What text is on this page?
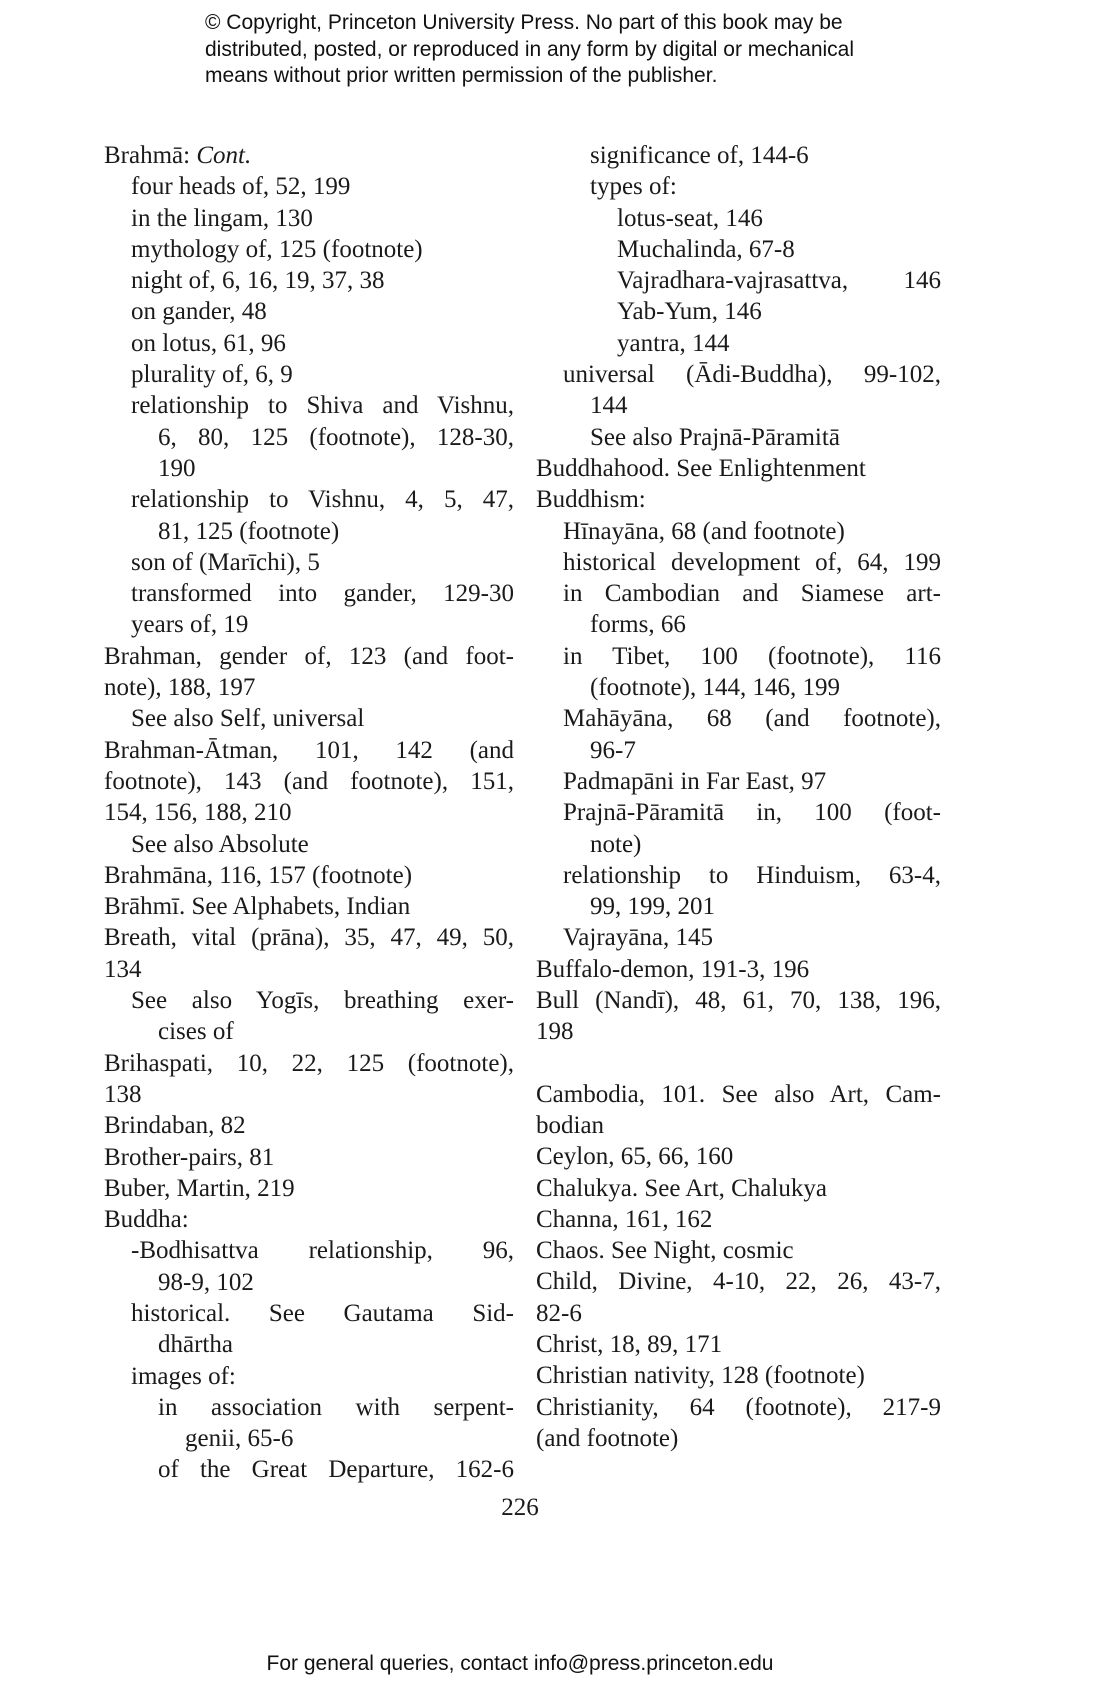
© Copyright, Princeton University Press. No part of this book may be
distributed, posted, or reproduced in any form by digital or mechanical
means without prior written permission of the publisher.
Brahmā: Cont.
four heads of, 52, 199
in the lingam, 130
mythology of, 125 (footnote)
night of, 6, 16, 19, 37, 38
on gander, 48
on lotus, 61, 96
plurality of, 6, 9
relationship to Shiva and Vishnu,
6, 80, 125 (footnote), 128-30,
190
relationship to Vishnu, 4, 5, 47,
81, 125 (footnote)
son of (Marīchi), 5
transformed into gander, 129-30
years of, 19
Brahman, gender of, 123 (and foot-
note), 188, 197
See also Self, universal
Brahman-Ātman, 101, 142 (and
footnote), 143 (and footnote), 151,
154, 156, 188, 210
See also Absolute
Brahmāna, 116, 157 (footnote)
Brāhmī. See Alphabets, Indian
Breath, vital (prāna), 35, 47, 49, 50,
134
See also Yogīs, breathing exer-
cises of
Brihaspati, 10, 22, 125 (footnote),
138
Brindaban, 82
Brother-pairs, 81
Buber, Martin, 219
Buddha:
-Bodhisattva relationship, 96,
98-9, 102
historical. See Gautama Sid-
dhārtha
images of:
in association with serpent-
genii, 65-6
of the Great Departure, 162-6
significance of, 144-6
types of:
lotus-seat, 146
Muchalinda, 67-8
Vajradhara-vajrasattva, 146
Yab-Yum, 146
yantra, 144
universal (Ādi-Buddha), 99-102,
144
See also Prajnā-Pāramitā
Buddhahood. See Enlightenment
Buddhism:
Hīnayāna, 68 (and footnote)
historical development of, 64, 199
in Cambodian and Siamese art-
forms, 66
in Tibet, 100 (footnote), 116
(footnote), 144, 146, 199
Mahāyāna, 68 (and footnote),
96-7
Padmapāni in Far East, 97
Prajnā-Pāramitā in, 100 (foot-
note)
relationship to Hinduism, 63-4,
99, 199, 201
Vajrayāna, 145
Buffalo-demon, 191-3, 196
Bull (Nandī), 48, 61, 70, 138, 196,
198
Cambodia, 101. See also Art, Cam-
bodian
Ceylon, 65, 66, 160
Chalukya. See Art, Chalukya
Channa, 161, 162
Chaos. See Night, cosmic
Child, Divine, 4-10, 22, 26, 43-7,
82-6
Christ, 18, 89, 171
Christian nativity, 128 (footnote)
Christianity, 64 (footnote), 217-9
(and footnote)
226
For general queries, contact info@press.princeton.edu
